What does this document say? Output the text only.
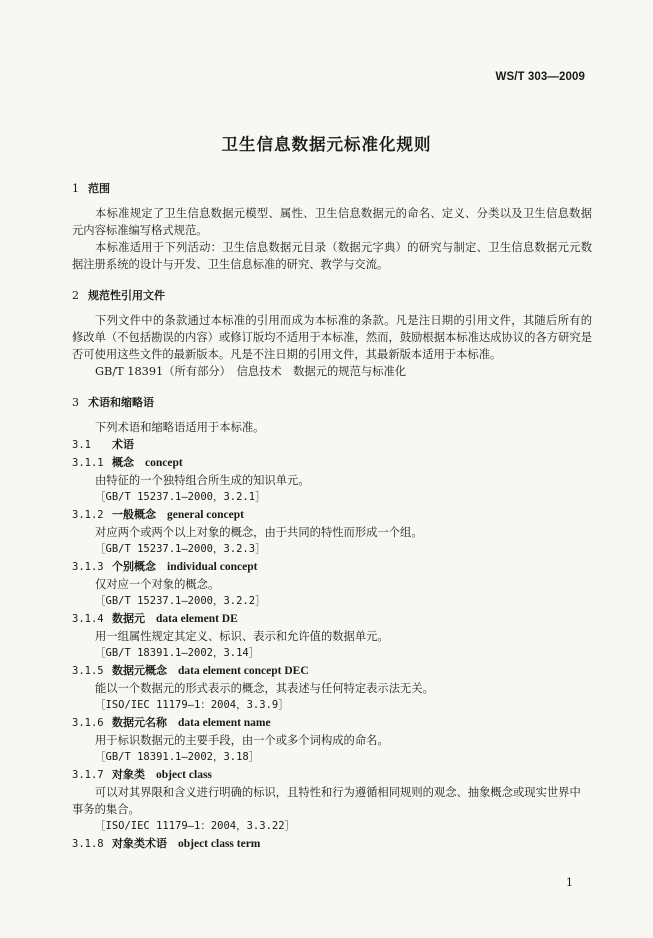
WS/T 303—2009
卫生信息数据元标准化规则

1 范围

本标准规定了卫生信息数据元模型、属性、卫生信息数据元的命名、定义、分类以及卫生信息数据元内容标准编写格式规范。

本标准适用于下列活动：卫生信息数据元目录（数据元字典）的研究与制定、卫生信息数据元元数据注册系统的设计与开发、卫生信息标准的研究、教学与交流。

2 规范性引用文件

下列文件中的条款通过本标准的引用而成为本标准的条款。凡是注日期的引用文件，其随后所有的修改单（不包括勘误的内容）或修订版均不适用于本标准，然而，鼓励根据本标准达成协议的各方研究是否可使用这些文件的最新版本。凡是不注日期的引用文件，其最新版本适用于本标准。

GB/T 18391（所有部分）　信息技术　数据元的规范与标准化

3 术语和缩略语

下列术语和缩略语适用于本标准。

3.1 术语

3.1.1 概念　 concept

由特征的一个独特组合所生成的知识单元。

［GB/T 15237.1—2000，3.2.1］

3.1.2 一般概念　 general concept

对应两个或两个以上对象的概念，由于共同的特性而形成一个组。

［GB/T 15237.1—2000，3.2.3］

3.1.3 个别概念　 individual concept

仅对应一个对象的概念。

［GB/T 15237.1—2000，3.2.2］

3.1.4 数据元　 data element DE

用一组属性规定其定义、标识、表示和允许值的数据单元。

［GB/T 18391.1—2002，3.14］

3.1.5 数据元概念　 data element concept DEC

能以一个数据元的形式表示的概念，其表述与任何特定表示法无关。

［ISO/IEC 11179—1：2004，3.3.9］

3.1.6 数据元名称　 data element name

用于标识数据元的主要手段，由一个或多个词构成的命名。

［GB/T 18391.1—2002，3.18］

3.1.7 对象类　 object class

可以对其界限和含义进行明确的标识，且特性和行为遵循相同规则的观念、抽象概念或现实世界中

事务的集合。

［ISO/IEC 11179—1：2004，3.3.22］

3.1.8 对象类术语　 object class term

1
